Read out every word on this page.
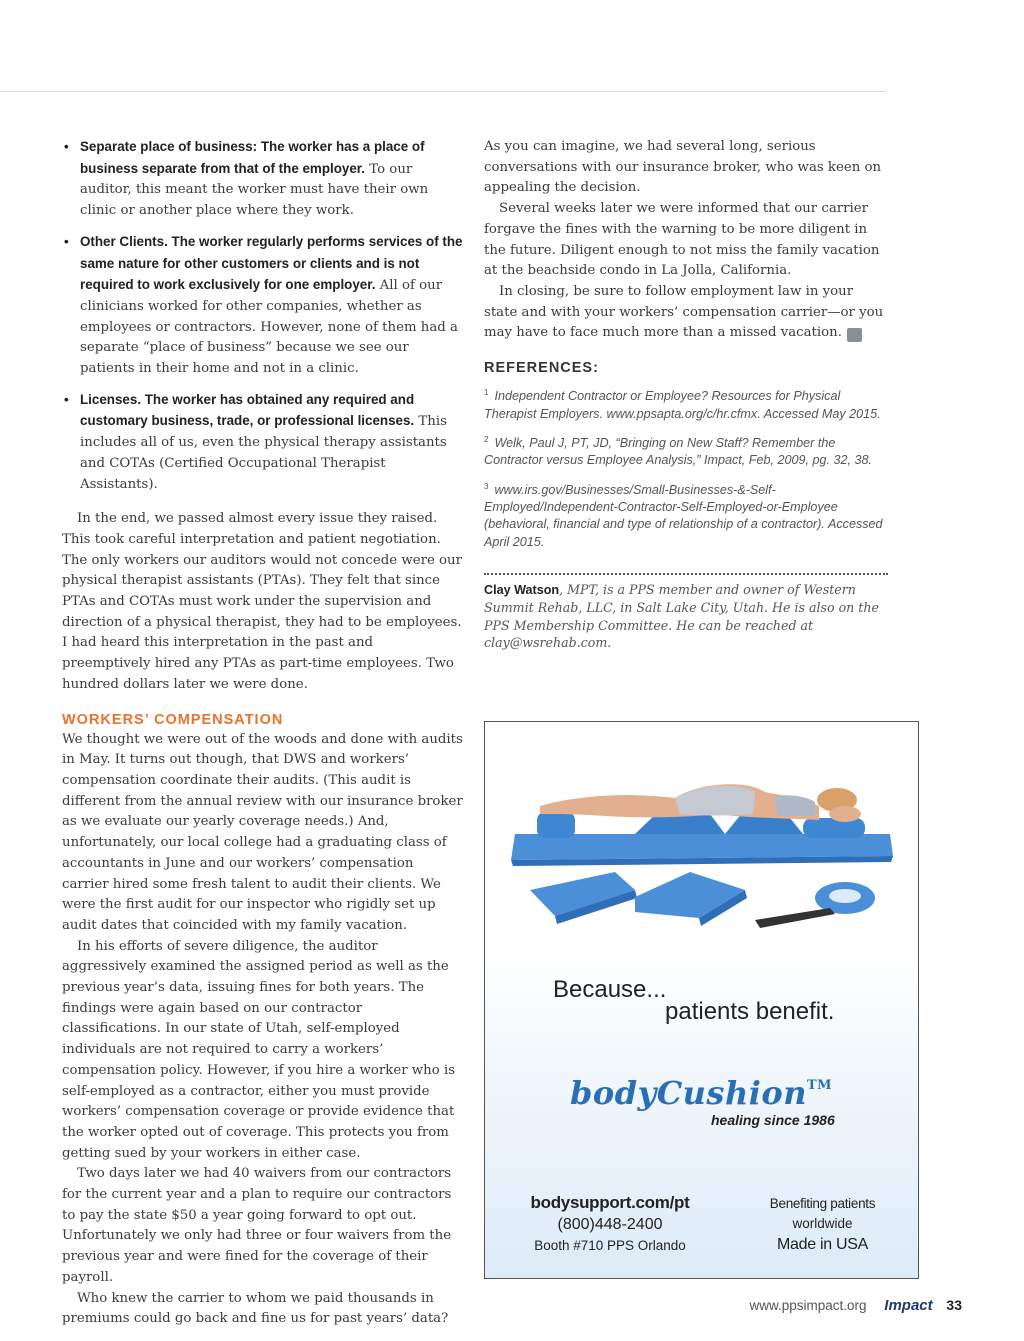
• Separate place of business: The worker has a place of business separate from that of the employer. To our auditor, this meant the worker must have their own clinic or another place where they work.
• Other Clients. The worker regularly performs services of the same nature for other customers or clients and is not required to work exclusively for one employer. All of our clinicians worked for other companies, whether as employees or contractors. However, none of them had a separate “place of business” because we see our patients in their home and not in a clinic.
• Licenses. The worker has obtained any required and customary business, trade, or professional licenses. This includes all of us, even the physical therapy assistants and COTAs (Certified Occupational Therapist Assistants).

In the end, we passed almost every issue they raised. This took careful interpretation and patient negotiation. The only workers our auditors would not concede were our physical therapist assistants (PTAs). They felt that since PTAs and COTAs must work under the supervision and direction of a physical therapist, they had to be employees. I had heard this interpretation in the past and preemptively hired any PTAs as part-time employees. Two hundred dollars later we were done.

WORKERS’ COMPENSATION

We thought we were out of the woods and done with audits in May. It turns out though, that DWS and workers’ compensation coordinate their audits. (This audit is different from the annual review with our insurance broker as we evaluate our yearly coverage needs.) And, unfortunately, our local college had a graduating class of accountants in June and our workers’ compensation carrier hired some fresh talent to audit their clients. We were the first audit for our inspector who rigidly set up audit dates that coincided with my family vacation.

In his efforts of severe diligence, the auditor aggressively examined the assigned period as well as the previous year’s data, issuing fines for both years. The findings were again based on our contractor classifications. In our state of Utah, self-employed individuals are not required to carry a workers’ compensation policy. However, if you hire a worker who is self-employed as a contractor, either you must provide workers’ compensation coverage or provide evidence that the worker opted out of coverage. This protects you from getting sued by your workers in either case.

Two days later we had 40 waivers from our contractors for the current year and a plan to require our contractors to pay the state $50 a year going forward to opt out. Unfortunately we only had three or four waivers from the previous year and were fined for the coverage of their payroll.

Who knew the carrier to whom we paid thousands in premiums could go back and fine us for past years’ data?

As you can imagine, we had several long, serious conversations with our insurance broker, who was keen on appealing the decision.

Several weeks later we were informed that our carrier forgave the fines with the warning to be more diligent in the future. Diligent enough to not miss the family vacation at the beachside condo in La Jolla, California.

In closing, be sure to follow employment law in your state and with your workers’ compensation carrier—or you may have to face much more than a missed vacation. I

REFERENCES:
$^1$ Independent Contractor or Employee? Resources for Physical Therapist Employers. www.ppsapta.org/c/hr.cfmx. Accessed May 2015.
$^2$ Welk, Paul J, PT, JD, “Bringing on New Staff? Remember the Contractor versus Employee Analysis,” Impact, Feb, 2009, pg. 32, 38.
$^3$ www.irs.gov/Businesses/Small-Businesses-&-Self-Employed/Independent-Contractor-Self-Employed-or-Employee (behavioral, financial and type of relationship of a contractor). Accessed April 2015.

Clay Watson, MPT, is a PPS member and owner of Western Summit Rehab, LLC, in Salt Lake City, Utah. He is also on the PPS Membership Committee. He can be reached at clay@wsrehab.com.

Because...
patients benefit.
bodyCushion™
healing since 1986
bodysupport.com/pt
(800)448-2400
Booth #710 PPS Orlando
Benefiting patients
worldwide
Made in USA
www.ppsimpact.org Impact 33
